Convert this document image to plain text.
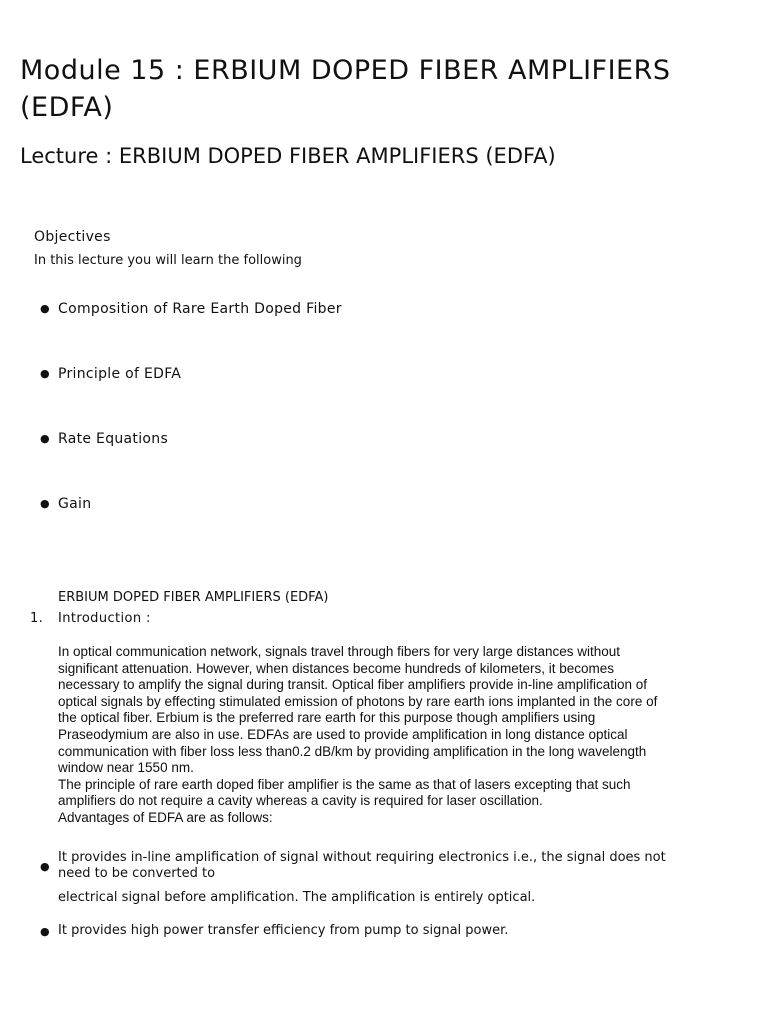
Module 15 : ERBIUM DOPED FIBER AMPLIFIERS (EDFA)
Lecture : ERBIUM DOPED FIBER AMPLIFIERS (EDFA)
Objectives
In this lecture you will learn the following
● Composition of Rare Earth Doped Fiber
● Principle of EDFA
● Rate Equations
● Gain
ERBIUM DOPED FIBER AMPLIFIERS (EDFA)
1. Introduction :

In optical communication network, signals travel through fibers for very large distances without significant attenuation. However, when distances become hundreds of kilometers, it becomes necessary to amplify the signal during transit. Optical fiber amplifiers provide in-line amplification of optical signals by effecting stimulated emission of photons by rare earth ions implanted in the core of the optical fiber. Erbium is the preferred rare earth for this purpose though amplifiers using Praseodymium are also in use. EDFAs are used to provide amplification in long distance optical communication with fiber loss less than0.2 dB/km by providing amplification in the long wavelength window near 1550 nm.

The principle of rare earth doped fiber amplifier is the same as that of lasers excepting that such amplifiers do not require a cavity whereas a cavity is required for laser oscillation.

Advantages of EDFA are as follows:

●
It provides in-line amplification of signal without requiring electronics i.e., the signal does not need to be converted to
electrical signal before amplification. The amplification is entirely optical.
● It provides high power transfer efficiency from pump to signal power.
